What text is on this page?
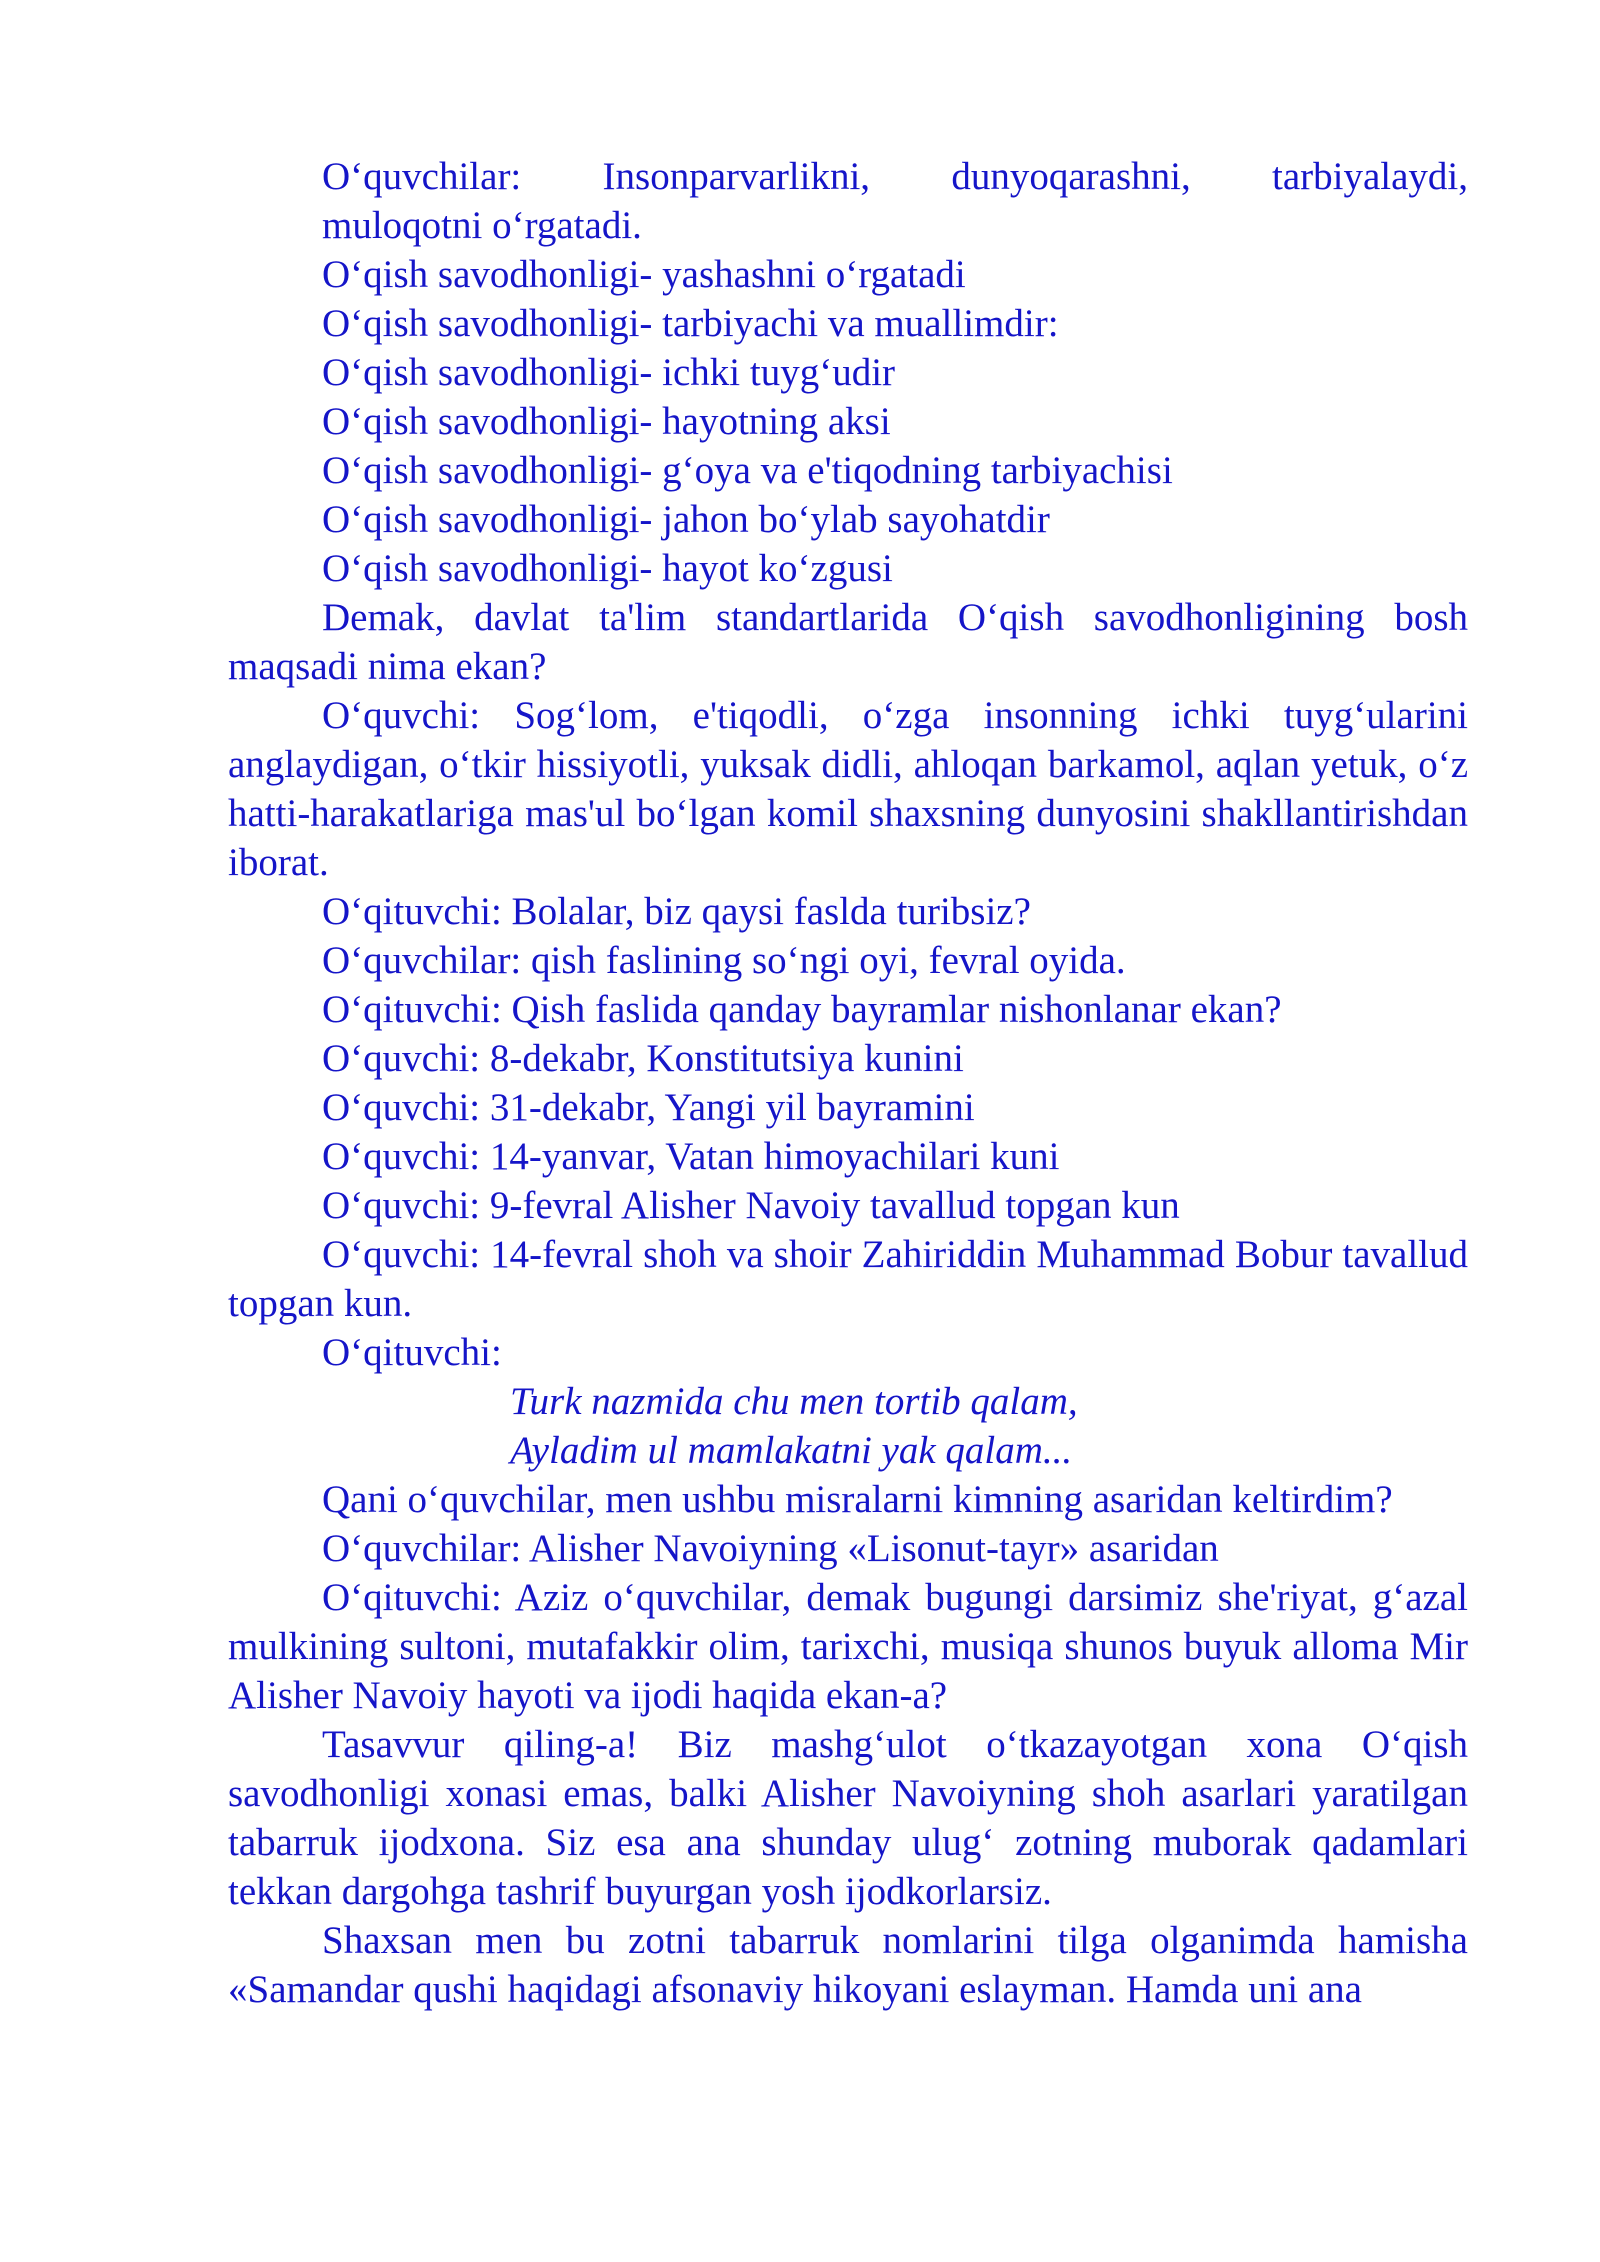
O‘quvchilar: Insonparvarlikni, dunyoqarashni, tarbiyalaydi,

muloqotni o‘rgatadi.

O‘qish savodhonligi- yashashni o‘rgatadi

O‘qish savodhonligi- tarbiyachi va muallimdir:

O‘qish savodhonligi- ichki tuyg‘udir

O‘qish savodhonligi- hayotning aksi

O‘qish savodhonligi- g‘oya va e'tiqodning tarbiyachisi

O‘qish savodhonligi- jahon bo‘ylab sayohatdir

O‘qish savodhonligi- hayot ko‘zgusi

Demak, davlat ta'lim standartlarida O‘qish savodhonligining bosh maqsadi nima ekan?

O‘quvchi: Sog‘lom, e'tiqodli, o‘zga insonning ichki tuyg‘ularini anglaydigan, o‘tkir hissiyotli, yuksak didli, ahloqan barkamol, aqlan yetuk, o‘z hatti-harakatlariga mas'ul bo‘lgan komil shaxsning dunyosini shakllantirishdan iborat.

O‘qituvchi: Bolalar, biz qaysi faslda turibsiz?

O‘quvchilar: qish faslining so‘ngi oyi, fevral oyida.

O‘qituvchi: Qish faslida qanday bayramlar nishonlanar ekan?

O‘quvchi: 8-dekabr, Konstitutsiya kunini

O‘quvchi: 31-dekabr, Yangi yil bayramini

O‘quvchi: 14-yanvar, Vatan himoyachilari kuni

O‘quvchi: 9-fevral Alisher Navoiy tavallud topgan kun

O‘quvchi: 14-fevral shoh va shoir Zahiriddin Muhammad Bobur tavallud topgan kun.

O‘qituvchi:

Turk nazmida chu men tortib qalam,

Ayladim ul mamlakatni yak qalam...

Qani o‘quvchilar, men ushbu misralarni kimning asaridan keltirdim?

O‘quvchilar: Alisher Navoiyning «Lisonut-tayr» asaridan

O‘qituvchi: Aziz o‘quvchilar, demak bugungi darsimiz she'riyat, g‘azal mulkining sultoni, mutafakkir olim, tarixchi, musiqa shunos buyuk alloma Mir Alisher Navoiy hayoti va ijodi haqida ekan-a?

Tasavvur qiling-a! Biz mashg‘ulot o‘tkazayotgan xona O‘qish savodhonligi xonasi emas, balki Alisher Navoiyning shoh asarlari yaratilgan tabarruk ijodxona. Siz esa ana shunday ulug‘ zotning muborak qadamlari tekkan dargohga tashrif buyurgan yosh ijodkorlarsiz.

Shaxsan men bu zotni tabarruk nomlarini tilga olganimda hamisha «Samandar qushi haqidagi afsonaviy hikoyani eslayman. Hamda uni ana
